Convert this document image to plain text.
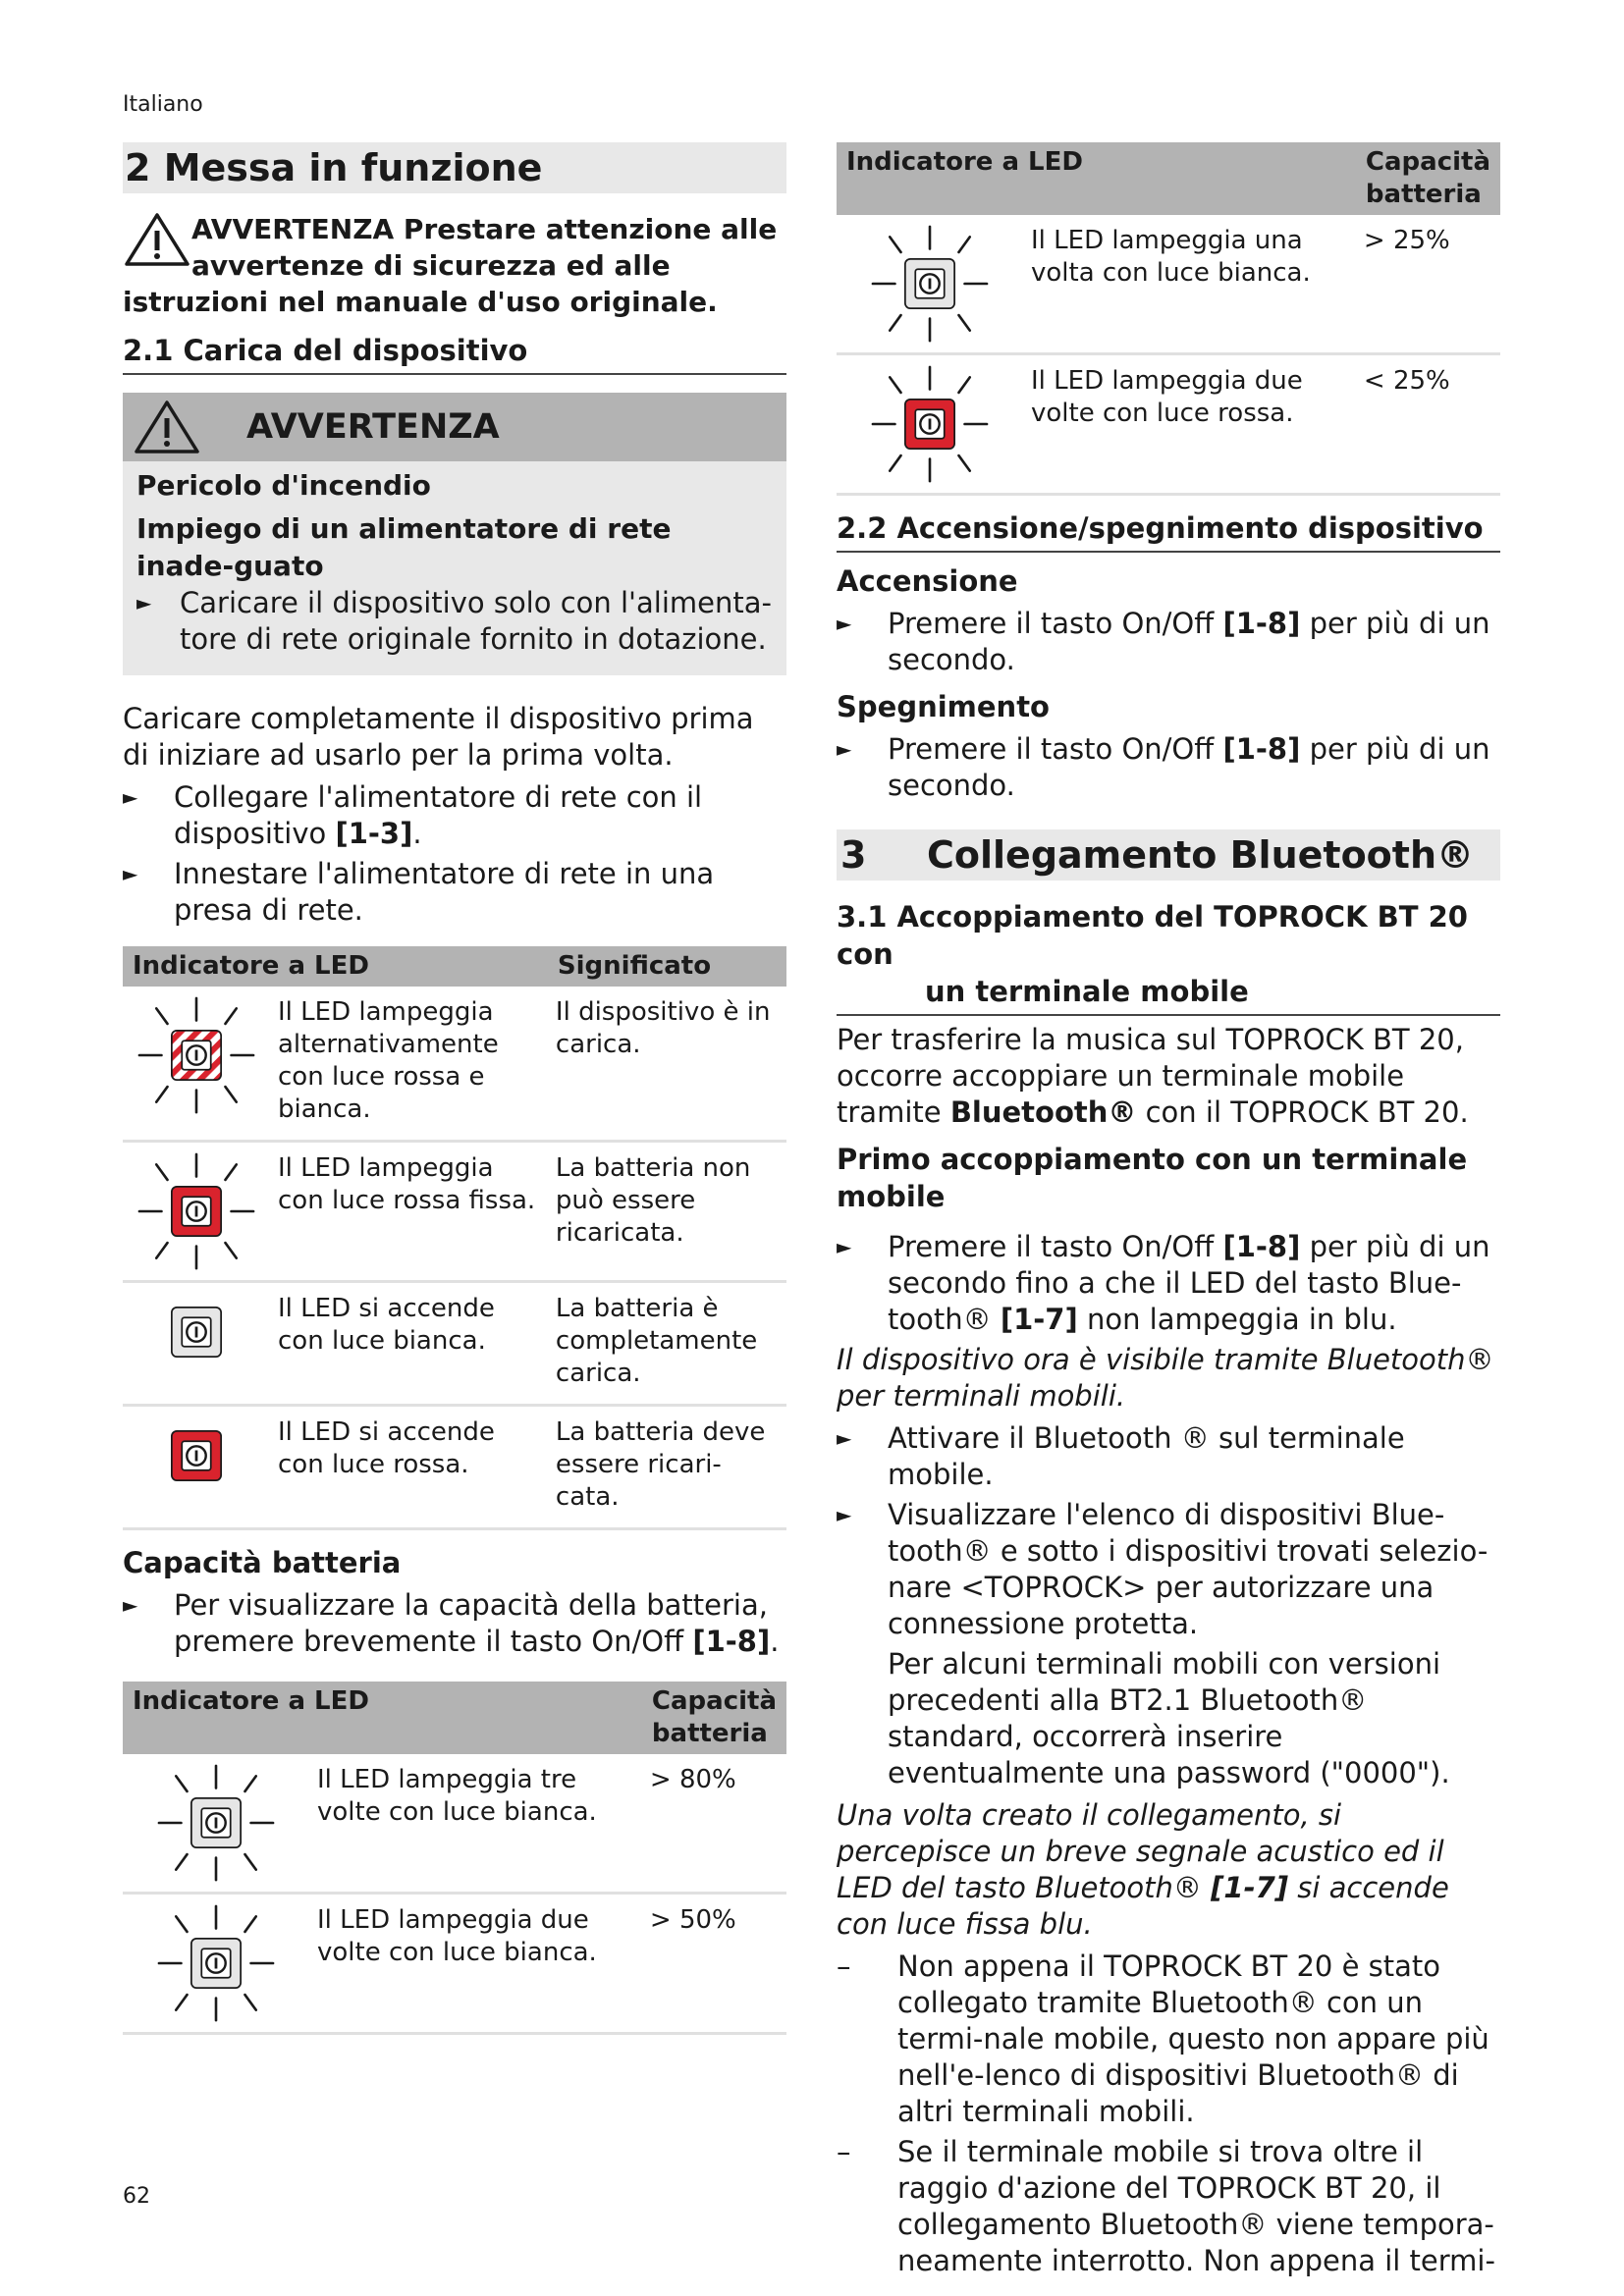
Italiano
2 Messa in funzione
AVVERTENZA Prestare attenzione alle avvertenze di sicurezza ed alle istruzioni nel manuale d'uso originale.
2.1 Carica del dispositivo
AVVERTENZA

Pericolo d'incendio

Impiego di un alimentatore di rete inade-guato

► Caricare il dispositivo solo con l'alimenta-tore di rete originale fornito in dotazione.

Caricare completamente il dispositivo prima di iniziare ad usarlo per la prima volta.

► Collegare l'alimentatore di rete con il dispositivo [1-3].
► Innestare l'alimentatore di rete in una presa di rete.
Indicatore a LED		Significato

	Il LED lampeggia alternativamente con luce rossa e bianca.	Il dispositivo è in carica.

	Il LED lampeggia con luce rossa fissa.	La batteria non può essere ricaricata.

	Il LED si accende con luce bianca.	La batteria è completamente carica.

	Il LED si accende con luce rossa.	La batteria deve essere ricari-cata.
Capacità batteria
► Per visualizzare la capacità della batteria, premere brevemente il tasto On/Off [1-8].
Indicatore a LED		Capacità
		batteria

	Il LED lampeggia tre volte con luce bianca.	> 80%

	Il LED lampeggia due volte con luce bianca.	> 50%
Indicatore a LED		Capacità
		batteria

	Il LED lampeggia una volta con luce bianca.	> 25%

	Il LED lampeggia due volte con luce rossa.	< 25%
2.2 Accensione/spegnimento dispositivo
Accensione
► Premere il tasto On/Off [1-8] per più di un secondo.
Spegnimento
► Premere il tasto On/Off [1-8] per più di un secondo.
3	Collegamento Bluetooth®
3.1 Accoppiamento del TOPROCK BT 20 con
un terminale mobile

Per trasferire la musica sul TOPROCK BT 20, occorre accoppiare un terminale mobile tramite Bluetooth® con il TOPROCK BT 20.

Primo accoppiamento con un terminale mobile
► Premere il tasto On/Off [1-8] per più di un secondo fino a che il LED del tasto Blue-tooth® [1-7] non lampeggia in blu.

Il dispositivo ora è visibile tramite Bluetooth® per terminali mobili.

► Attivare il Bluetooth ® sul terminale mobile.
► Visualizzare l'elenco di dispositivi Blue-tooth® e sotto i dispositivi trovati selezio-nare <TOPROCK> per autorizzare una connessione protetta.

Per alcuni terminali mobili con versioni precedenti alla BT2.1 Bluetooth® standard, occorrerà inserire eventualmente una password ("0000").

Una volta creato il collegamento, si percepisce un breve segnale acustico ed il LED del tasto Bluetooth® [1-7] si accende con luce fissa blu.

– Non appena il TOPROCK BT 20 è stato collegato tramite Bluetooth® con un termi-nale mobile, questo non appare più nell'e-lenco di dispositivi Bluetooth® di altri terminali mobili.
– Se il terminale mobile si trova oltre il raggio d'azione del TOPROCK BT 20, il collegamento Bluetooth® viene tempora-neamente interrotto. Non appena il termi-
62
